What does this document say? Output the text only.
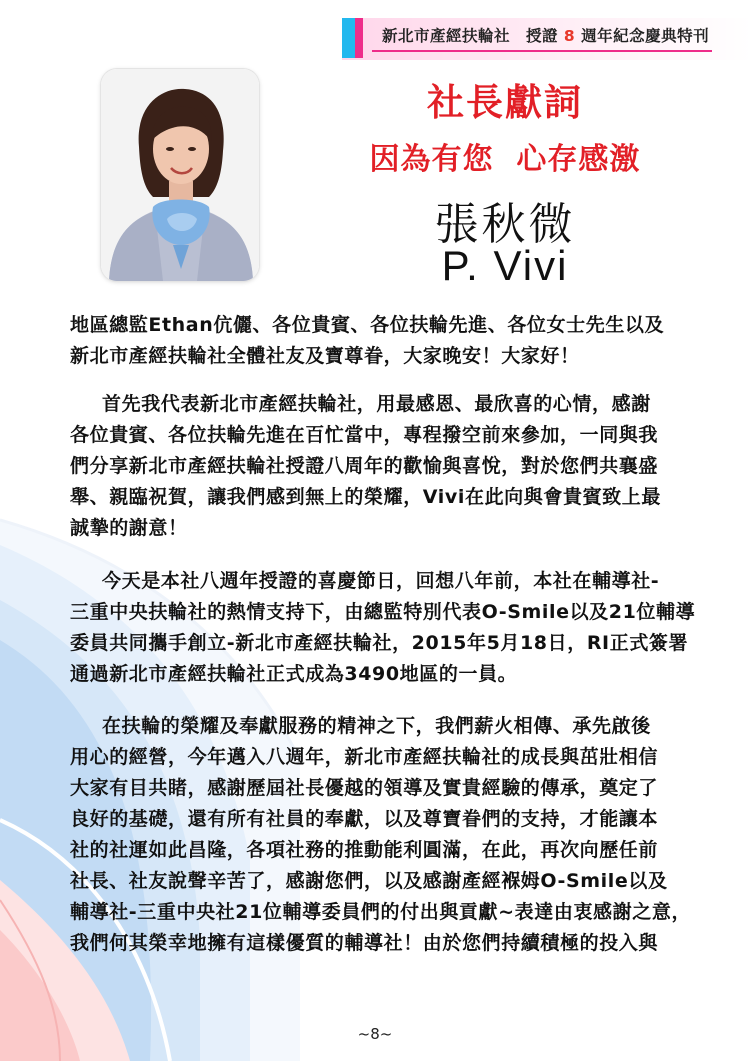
新北市產經扶輪社　授證 8 週年紀念慶典特刊
社長獻詞
因為有您  心存感激
張秋微
P. Vivi
地區總監Ethan伉儷、各位貴賓、各位扶輪先進、各位女士先生以及
新北市產經扶輪社全體社友及寶尊眷，大家晚安！大家好！
首先我代表新北市產經扶輪社，用最感恩、最欣喜的心情，感謝
各位貴賓、各位扶輪先進在百忙當中，專程撥空前來參加，一同與我
們分享新北市產經扶輪社授證八周年的歡愉與喜悅，對於您們共襄盛
舉、親臨祝賀，讓我們感到無上的榮耀，Vivi在此向與會貴賓致上最
誠摯的謝意！
今天是本社八週年授證的喜慶節日，回想八年前，本社在輔導社-
三重中央扶輪社的熱情支持下，由總監特別代表O-Smile以及21位輔導
委員共同攜手創立-新北市產經扶輪社，2015年5月18日，RI正式簽署
通過新北市產經扶輪社正式成為3490地區的一員。
在扶輪的榮耀及奉獻服務的精神之下，我們薪火相傳、承先啟後
用心的經營，今年邁入八週年，新北市產經扶輪社的成長與茁壯相信
大家有目共睹，感謝歷屆社長優越的領導及實貴經驗的傳承，奠定了
良好的基礎，還有所有社員的奉獻，以及尊寶眷們的支持，才能讓本
社的社運如此昌隆，各項社務的推動能利圓滿，在此，再次向歷任前
社長、社友說聲辛苦了，感謝您們，以及感謝產經褓姆O-Smile以及
輔導社-三重中央社21位輔導委員們的付出與貢獻~表達由衷感謝之意，
我們何其榮幸地擁有這樣優質的輔導社！由於您們持續積極的投入與
~8~
